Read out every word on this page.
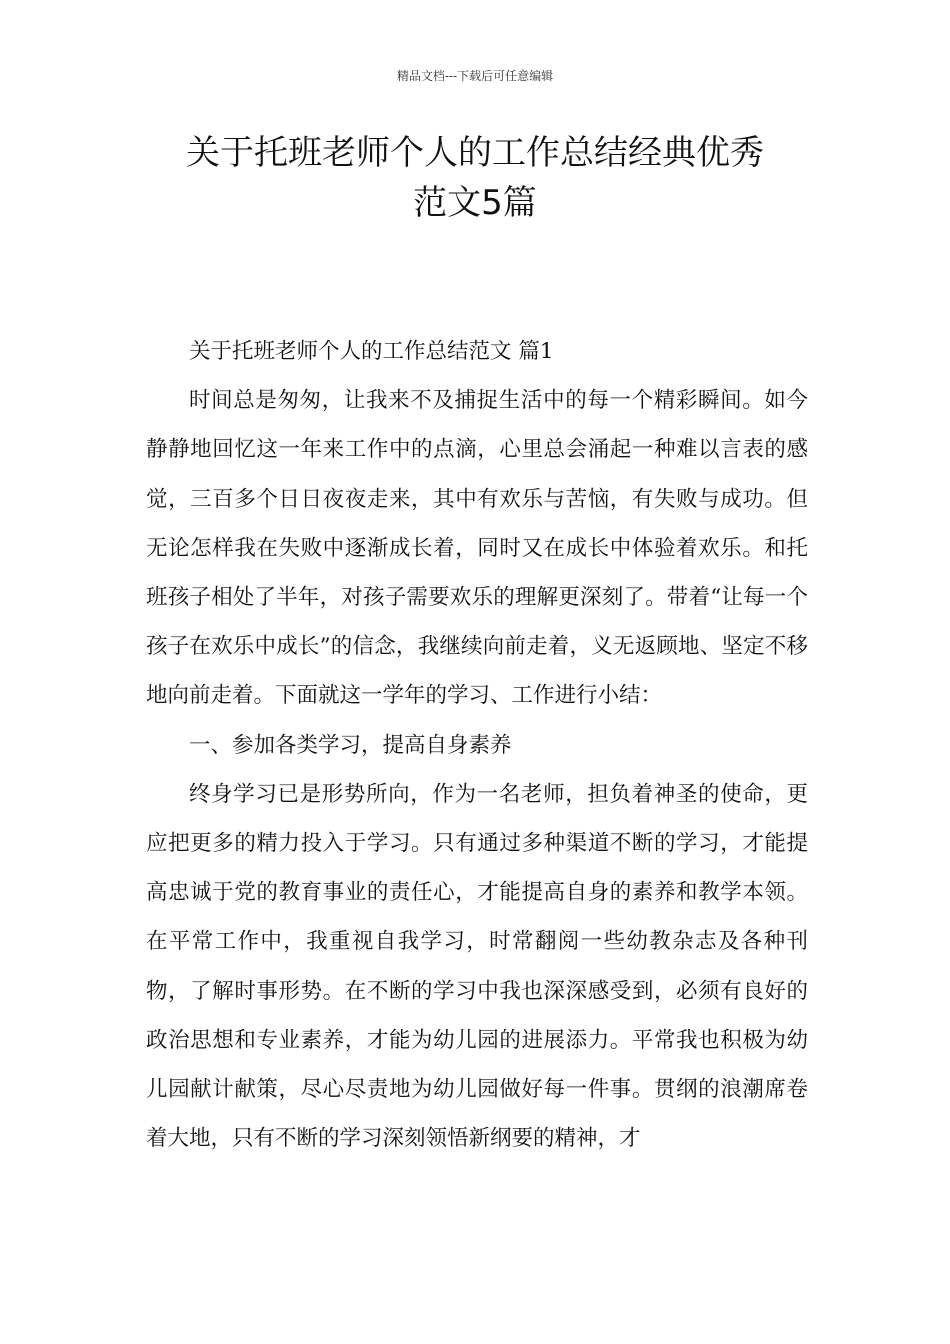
精品文档---下载后可任意编辑
关于托班老师个人的工作总结经典优秀
范文5篇

关于托班老师个人的工作总结范文 篇1

时间总是匆匆，让我来不及捕捉生活中的每一个精彩瞬间。如今静静地回忆这一年来工作中的点滴，心里总会涌起一种难以言表的感觉，三百多个日日夜夜走来，其中有欢乐与苦恼，有失败与成功。但无论怎样我在失败中逐渐成长着，同时又在成长中体验着欢乐。和托班孩子相处了半年，对孩子需要欢乐的理解更深刻了。带着“让每一个孩子在欢乐中成长”的信念，我继续向前走着，义无返顾地、坚定不移地向前走着。下面就这一学年的学习、工作进行小结：

一、参加各类学习，提高自身素养

终身学习已是形势所向，作为一名老师，担负着神圣的使命，更应把更多的精力投入于学习。只有通过多种渠道不断的学习，才能提高忠诚于党的教育事业的责任心，才能提高自身的素养和教学本领。在平常工作中，我重视自我学习，时常翻阅一些幼教杂志及各种刊物，了解时事形势。在不断的学习中我也深深感受到，必须有良好的政治思想和专业素养，才能为幼儿园的进展添力。平常我也积极为幼儿园献计献策，尽心尽责地为幼儿园做好每一件事。贯纲的浪潮席卷着大地，只有不断的学习深刻领悟新纲要的精神，才
